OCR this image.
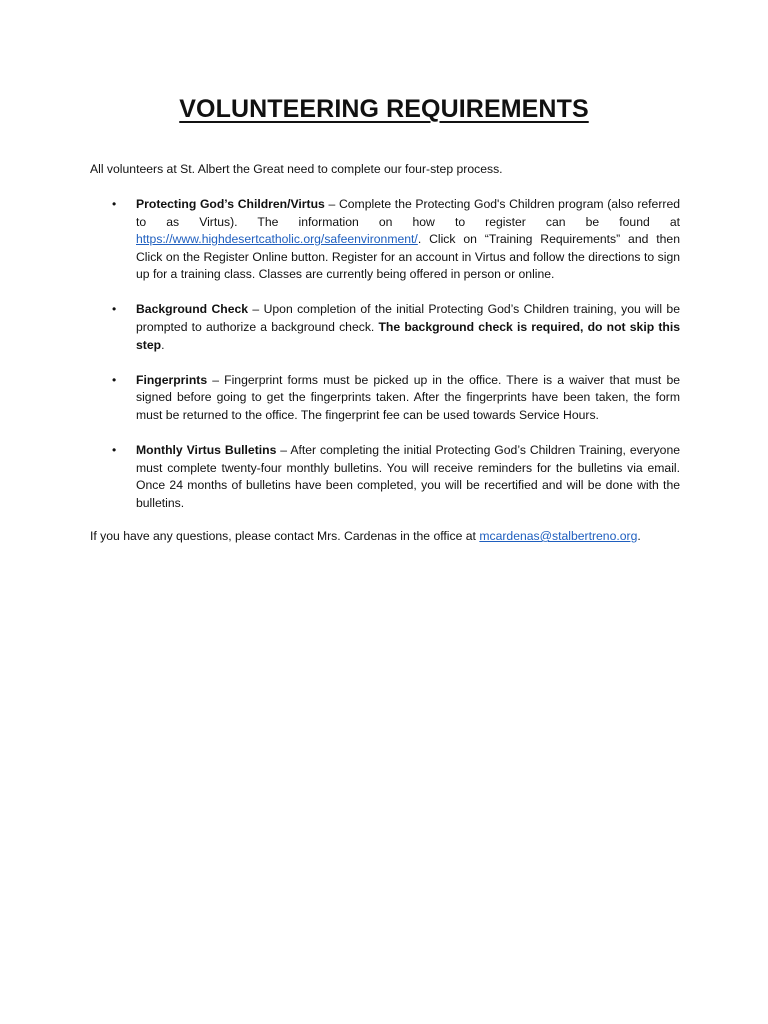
VOLUNTEERING REQUIREMENTS

All volunteers at St. Albert the Great need to complete our four-step process.

• Protecting God’s Children/Virtus – Complete the Protecting God's Children program (also referred to as Virtus). The information on how to register can be found at https://www.highdesertcatholic.org/safeenvironment/. Click on “Training Requirements” and then Click on the Register Online button. Register for an account in Virtus and follow the directions to sign up for a training class. Classes are currently being offered in person or online.
• Background Check – Upon completion of the initial Protecting God’s Children training, you will be prompted to authorize a background check. The background check is required, do not skip this step.
• Fingerprints – Fingerprint forms must be picked up in the office. There is a waiver that must be signed before going to get the fingerprints taken. After the fingerprints have been taken, the form must be returned to the office. The fingerprint fee can be used towards Service Hours.
• Monthly Virtus Bulletins – After completing the initial Protecting God’s Children Training, everyone must complete twenty-four monthly bulletins. You will receive reminders for the bulletins via email. Once 24 months of bulletins have been completed, you will be recertified and will be done with the bulletins.

If you have any questions, please contact Mrs. Cardenas in the office at mcardenas@stalbertreno.org.
